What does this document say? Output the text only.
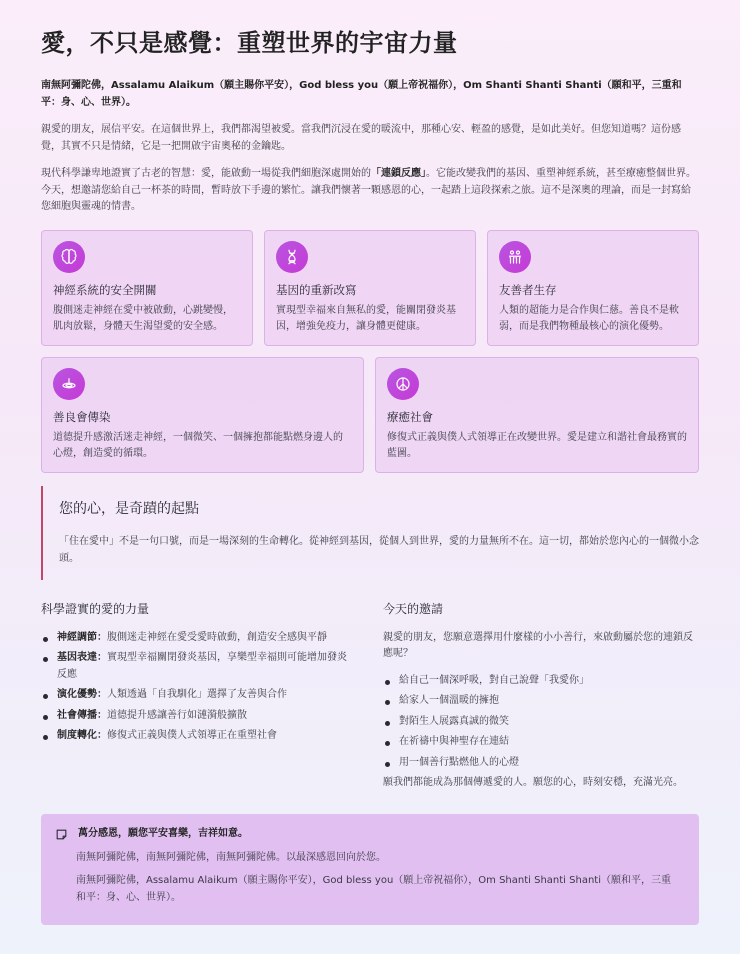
愛，不只是感覺：重塑世界的宇宙力量
南無阿彌陀佛，Assalamu Alaikum（願主賜你平安），God bless you（願上帝祝福你），Om Shanti Shanti Shanti（願和平，三重和平：身、心、世界）。

親愛的朋友，展信平安。在這個世界上，我們都渴望被愛。當我們沉浸在愛的暖流中，那種心安、輕盈的感覺，是如此美好。但您知道嗎？這份感覺，其實不只是情緒，它是一把開啟宇宙奧秘的金鑰匙。

現代科學謙卑地證實了古老的智慧：愛，能啟動一場從我們細胞深處開始的「連鎖反應」。它能改變我們的基因、重塑神經系統，甚至療癒整個世界。今天，想邀請您給自己一杯茶的時間，暫時放下手邊的繁忙。讓我們懷著一顆感恩的心，一起踏上這段探索之旅。這不是深奧的理論，而是一封寫給您細胞與靈魂的情書。

神經系統的安全開關

腹側迷走神經在愛中被啟動，心跳變慢，肌肉放鬆，身體天生渴望愛的安全感。

基因的重新改寫

實現型幸福來自無私的愛，能關閉發炎基因，增強免疫力，讓身體更健康。

友善者生存

人類的超能力是合作與仁慈。善良不是軟弱，而是我們物種最核心的演化優勢。

善良會傳染

道德提升感激活迷走神經，一個微笑、一個擁抱都能點燃身邊人的心燈，創造愛的循環。

療癒社會

修復式正義與僕人式領導正在改變世界。愛是建立和諧社會最務實的藍圖。

您的心，是奇蹟的起點

「住在愛中」不是一句口號，而是一場深刻的生命轉化。從神經到基因，從個人到世界，愛的力量無所不在。這一切，都始於您內心的一個微小念頭。

科學證實的愛的力量
神經調節：腹側迷走神經在愛受愛時啟動，創造安全感與平靜
基因表達：實現型幸福關閉發炎基因，享樂型幸福則可能增加發炎反應
演化優勢：人類透過「自我馴化」選擇了友善與合作
社會傳播：道德提升感讓善行如漣漪般擴散
制度轉化：修復式正義與僕人式領導正在重塑社會
今天的邀請

親愛的朋友，您願意選擇用什麼樣的小小善行，來啟動屬於您的連鎖反應呢？

給自己一個深呼吸，對自己說聲「我愛你」
給家人一個溫暖的擁抱
對陌生人展露真誠的微笑
在祈禱中與神聖存在連結
用一個善行點燃他人的心燈

願我們都能成為那個傳遞愛的人。願您的心，時刻安穩，充滿光亮。

萬分感恩，願您平安喜樂，吉祥如意。

南無阿彌陀佛，南無阿彌陀佛，南無阿彌陀佛。以最深感恩回向於您。

南無阿彌陀佛，Assalamu Alaikum（願主賜你平安），God bless you（願上帝祝福你），Om Shanti Shanti Shanti（願和平，三重和平：身、心、世界）。
